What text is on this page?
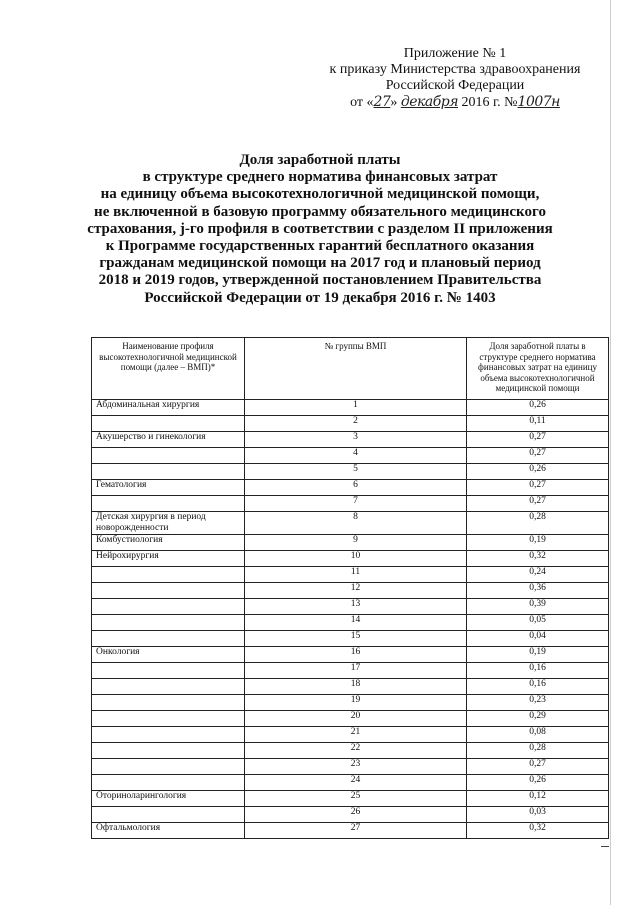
Приложение № 1
к приказу Министерства здравоохранения
Российской Федерации
от «27» декабря 2016 г. №1007н
Доля заработной платы
в структуре среднего норматива финансовых затрат
на единицу объема высокотехнологичной медицинской помощи,
не включенной в базовую программу обязательного медицинского
страхования, j-го профиля в соответствии с разделом II приложения
к Программе государственных гарантий бесплатного оказания
гражданам медицинской помощи на 2017 год и плановый период
2018 и 2019 годов, утвержденной постановлением Правительства
Российской Федерации от 19 декабря 2016 г. № 1403
Наименование профиля высокотехнологичной медицинской помощи (далее – ВМП)*	№ группы ВМП	Доля заработной платы в структуре среднего норматива финансовых затрат на единицу объема высокотехнологичной медицинской помощи
Абдоминальная хирургия	1	0,26
	2	0,11
Акушерство и гинекология	3	0,27
	4	0,27
	5	0,26
Гематология	6	0,27
	7	0,27
Детская хирургия в период новорожденности	8	0,28
Комбустиология	9	0,19
Нейрохирургия	10	0,32
	11	0,24
	12	0,36
	13	0,39
	14	0,05
	15	0,04
Онкология	16	0,19
	17	0,16
	18	0,16
	19	0,23
	20	0,29
	21	0,08
	22	0,28
	23	0,27
	24	0,26
Оториноларингология	25	0,12
	26	0,03
Офтальмология	27	0,32
